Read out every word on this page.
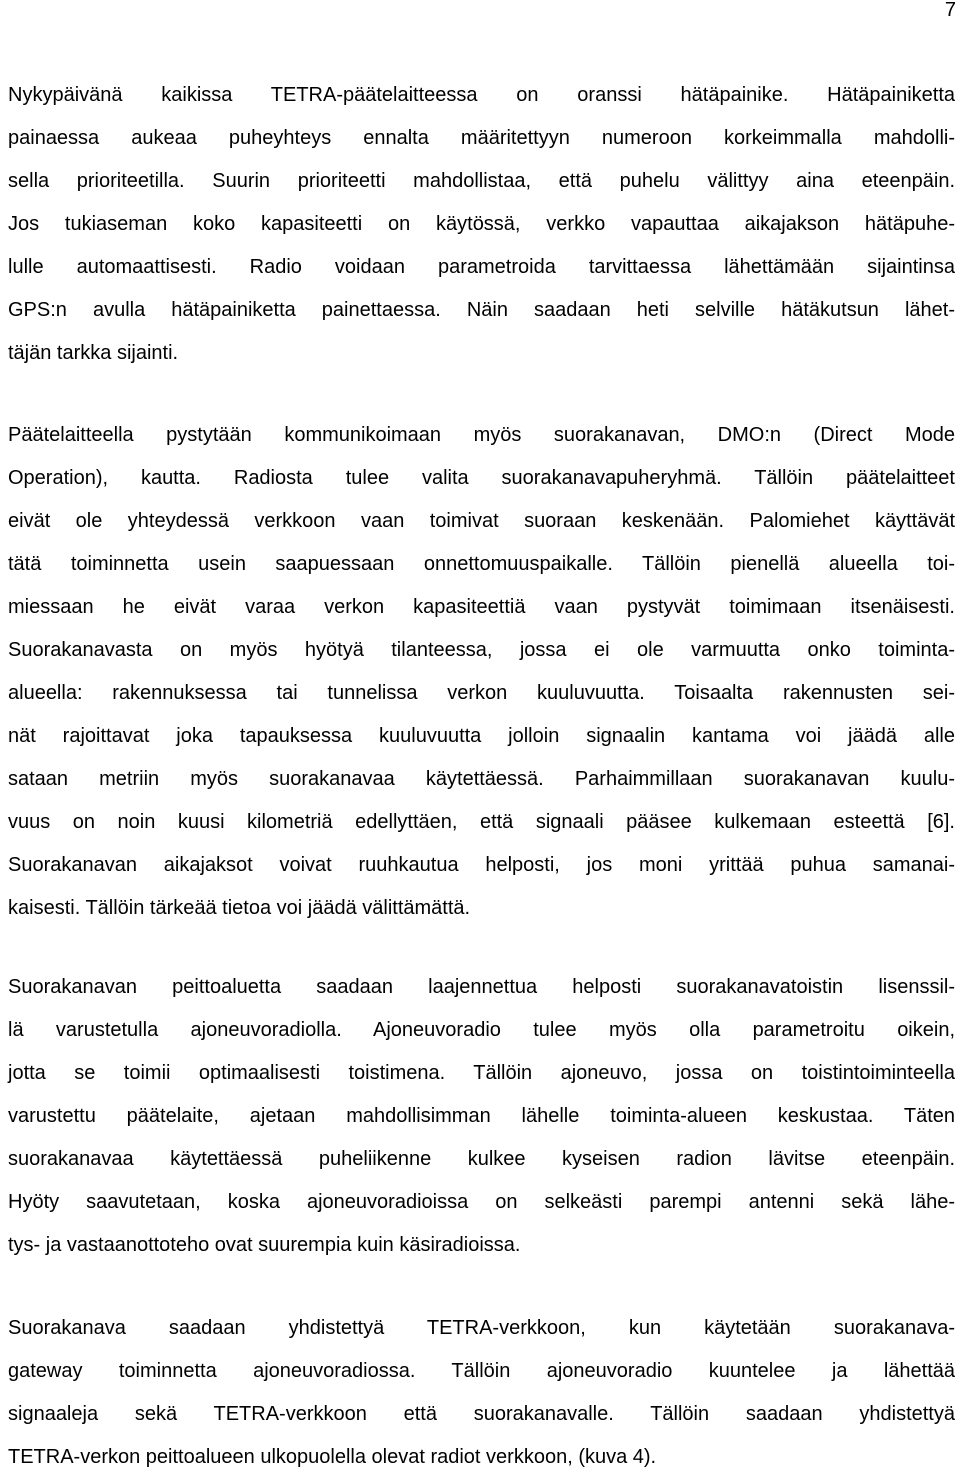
7
Nykypäivänä kaikissa TETRA-päätelaitteessa on oranssi hätäpainike. Hätäpainiketta
painaessa aukeaa puheyhteys ennalta määritettyyn numeroon korkeimmalla mahdolli-
sella prioriteetilla. Suurin prioriteetti mahdollistaa, että puhelu välittyy aina eteenpäin.
Jos tukiaseman koko kapasiteetti on käytössä, verkko vapauttaa aikajakson hätäpuhe-
lulle automaattisesti. Radio voidaan parametroida tarvittaessa lähettämään sijaintinsa
GPS:n avulla hätäpainiketta painettaessa. Näin saadaan heti selville hätäkutsun lähet-
täjän tarkka sijainti.
Päätelaitteella pystytään kommunikoimaan myös suorakanavan, DMO:n (Direct Mode
Operation), kautta. Radiosta tulee valita suorakanavapuheryhmä. Tällöin päätelaitteet
eivät ole yhteydessä verkkoon vaan toimivat suoraan keskenään. Palomiehet käyttävät
tätä toiminnetta usein saapuessaan onnettomuuspaikalle. Tällöin pienellä alueella toi-
miessaan he eivät varaa verkon kapasiteettiä vaan pystyvät toimimaan itsenäisesti.
Suorakanavasta on myös hyötyä tilanteessa, jossa ei ole varmuutta onko toiminta-
alueella: rakennuksessa tai tunnelissa verkon kuuluvuutta. Toisaalta rakennusten sei-
nät rajoittavat joka tapauksessa kuuluvuutta jolloin signaalin kantama voi jäädä alle
sataan metriin myös suorakanavaa käytettäessä. Parhaimmillaan suorakanavan kuulu-
vuus on noin kuusi kilometriä edellyttäen, että signaali pääsee kulkemaan esteettä [6].
Suorakanavan aikajaksot voivat ruuhkautua helposti, jos moni yrittää puhua samanai-
kaisesti. Tällöin tärkeää tietoa voi jäädä välittämättä.
Suorakanavan peittoaluetta saadaan laajennettua helposti suorakanavatoistin lisenssil-
lä varustetulla ajoneuvoradiolla. Ajoneuvoradio tulee myös olla parametroitu oikein,
jotta se toimii optimaalisesti toistimena. Tällöin ajoneuvo, jossa on toistintoiminteella
varustettu päätelaite, ajetaan mahdollisimman lähelle toiminta-alueen keskustaa. Täten
suorakanavaa käytettäessä puheliikenne kulkee kyseisen radion lävitse eteenpäin.
Hyöty saavutetaan, koska ajoneuvoradioissa on selkeästi parempi antenni sekä lähe-
tys- ja vastaanottoteho ovat suurempia kuin käsiradioissa.
Suorakanava saadaan yhdistettyä TETRA-verkkoon, kun käytetään suorakanava-
gateway toiminnetta ajoneuvoradiossa. Tällöin ajoneuvoradio kuuntelee ja lähettää
signaaleja sekä TETRA-verkkoon että suorakanavalle. Tällöin saadaan yhdistettyä
TETRA-verkon peittoalueen ulkopuolella olevat radiot verkkoon, (kuva 4).
